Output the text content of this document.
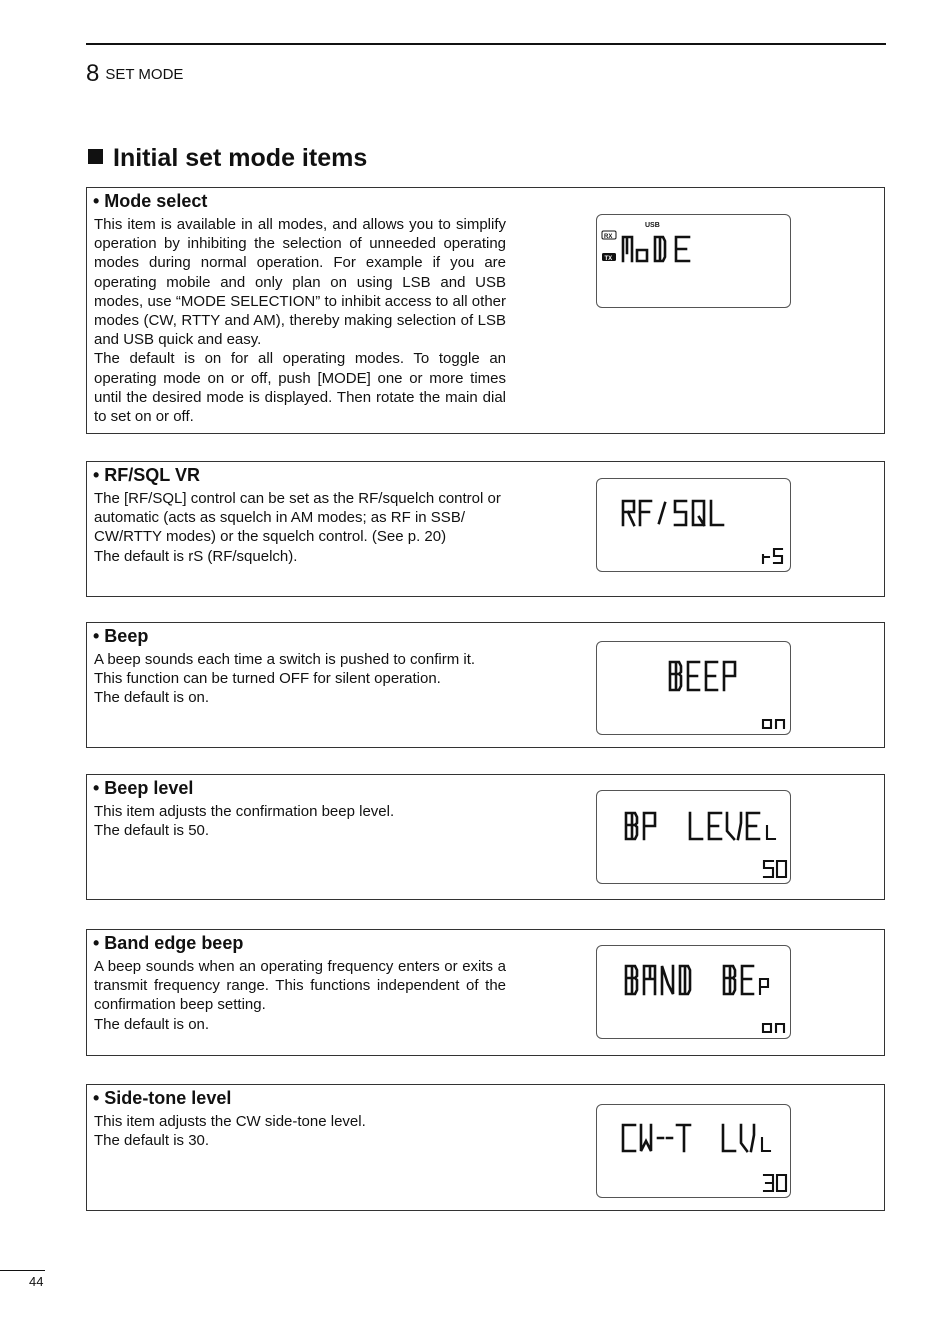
8 SET MODE
Initial set mode items
• Mode select

This item is available in all modes, and allows you to simplify operation by inhibiting the selection of unneeded operating modes during normal operation. For example if you are operating mobile and only plan on using LSB and USB modes, use “MODE SELECTION” to inhibit access to all other modes (CW, RTTY and AM), thereby making selection of LSB and USB quick and easy.

The default is on for all operating modes. To toggle an operating mode on or off, push [MODE] one or more times until the desired mode is displayed. Then rotate the main dial to set on or off.

USB
RX
TX
• RF/SQL VR

The [RF/SQL] control can be set as the RF/squelch control or automatic (acts as squelch in AM modes; as RF in SSB/ CW/RTTY modes) or the squelch control. (See p. 20)

The default is rS (RF/squelch).

• Beep

A beep sounds each time a switch is pushed to confirm it.

This function can be turned OFF for silent operation.

The default is on.

• Beep level

This item adjusts the confirmation beep level.

The default is 50.

• Band edge beep

A beep sounds when an operating frequency enters or exits a transmit frequency range. This functions independent of the confirmation beep setting.

The default is on.

• Side-tone level

This item adjusts the CW side-tone level.

The default is 30.

44
